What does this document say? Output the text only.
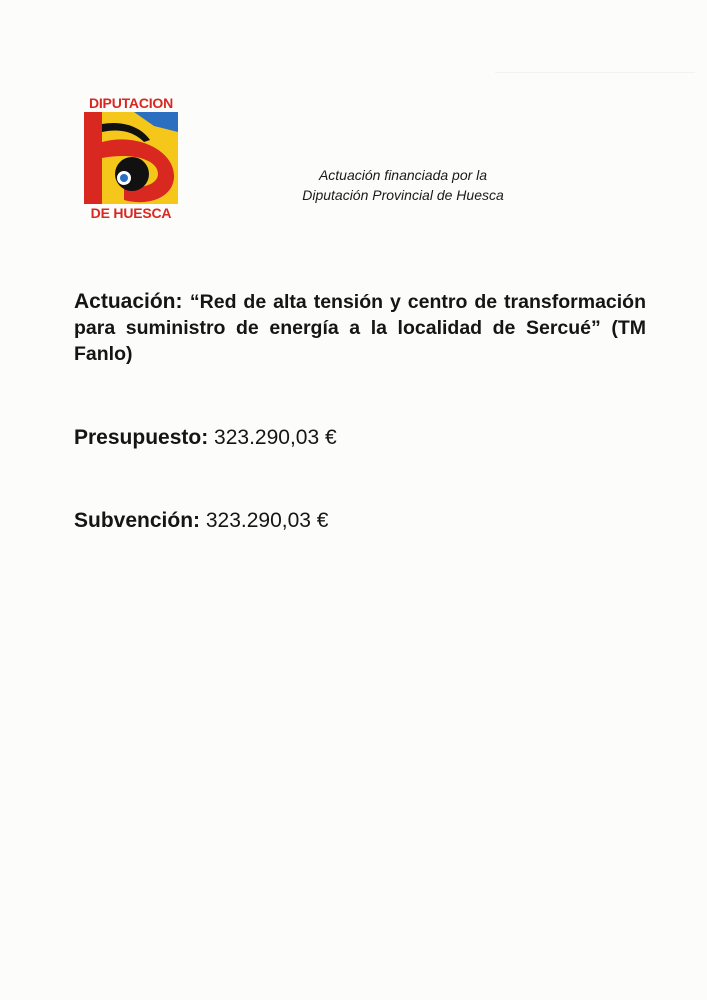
DIPUTACION
DE HUESCA
Actuación financiada por la
Diputación Provincial de Huesca
Actuación: “Red de alta tensión y centro de transformación para suministro de energía a la localidad de Sercué” (TM Fanlo)
Presupuesto: 323.290,03 €
Subvención: 323.290,03 €
